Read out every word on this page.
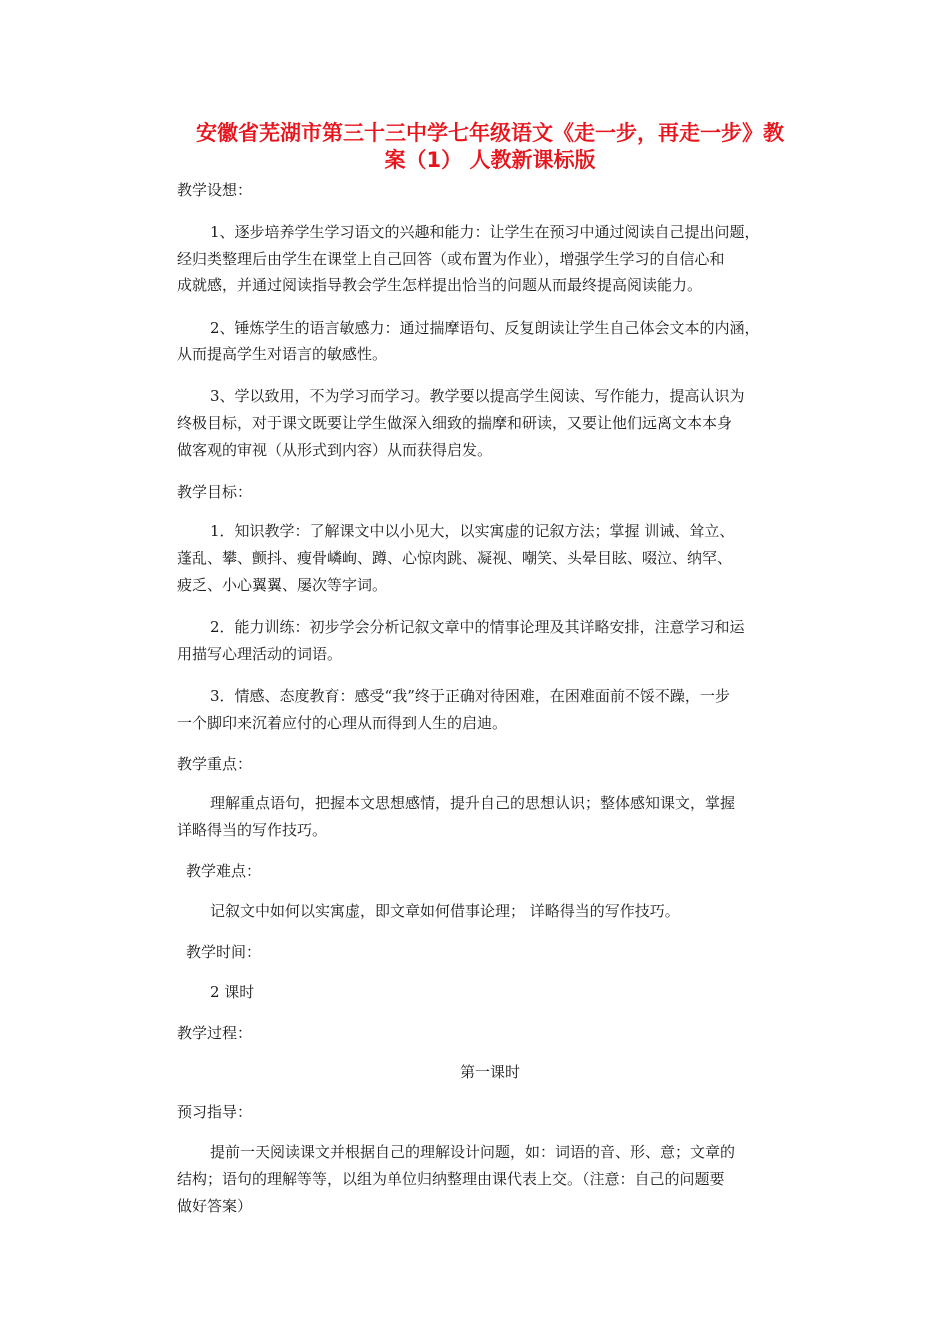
安徽省芜湖市第三十三中学七年级语文《走一步，再走一步》教
案（1） 人教新课标版
教学设想：
1、逐步培养学生学习语文的兴趣和能力：让学生在预习中通过阅读自己提出问题，
经归类整理后由学生在课堂上自己回答（或布置为作业），增强学生学习的自信心和
成就感，并通过阅读指导教会学生怎样提出恰当的问题从而最终提高阅读能力。
2、锤炼学生的语言敏感力：通过揣摩语句、反复朗读让学生自己体会文本的内涵，
从而提高学生对语言的敏感性。
3、学以致用，不为学习而学习。教学要以提高学生阅读、写作能力，提高认识为
终极目标，对于课文既要让学生做深入细致的揣摩和研读，又要让他们远离文本本身
做客观的审视（从形式到内容）从而获得启发。
教学目标：
1．知识教学：了解课文中以小见大，以实寓虚的记叙方法；掌握 训诫、耸立、
蓬乱、攀、颤抖、瘦骨嶙峋、蹲、心惊肉跳、凝视、嘲笑、头晕目眩、啜泣、纳罕、
疲乏、小心翼翼、屡次等字词。
2．能力训练：初步学会分析记叙文章中的情事论理及其详略安排，注意学习和运
用描写心理活动的词语。
3．情感、态度教育：感受“我”终于正确对待困难，在困难面前不馁不躁，一步
一个脚印来沉着应付的心理从而得到人生的启迪。
教学重点：
理解重点语句，把握本文思想感情，提升自己的思想认识；整体感知课文，掌握
详略得当的写作技巧。
教学难点：
记叙文中如何以实寓虚，即文章如何借事论理； 详略得当的写作技巧。
教学时间：
2 课时
教学过程：
第一课时
预习指导：
提前一天阅读课文并根据自己的理解设计问题，如：词语的音、形、意；文章的
结构；语句的理解等等，以组为单位归纳整理由课代表上交。（注意：自己的问题要
做好答案）
